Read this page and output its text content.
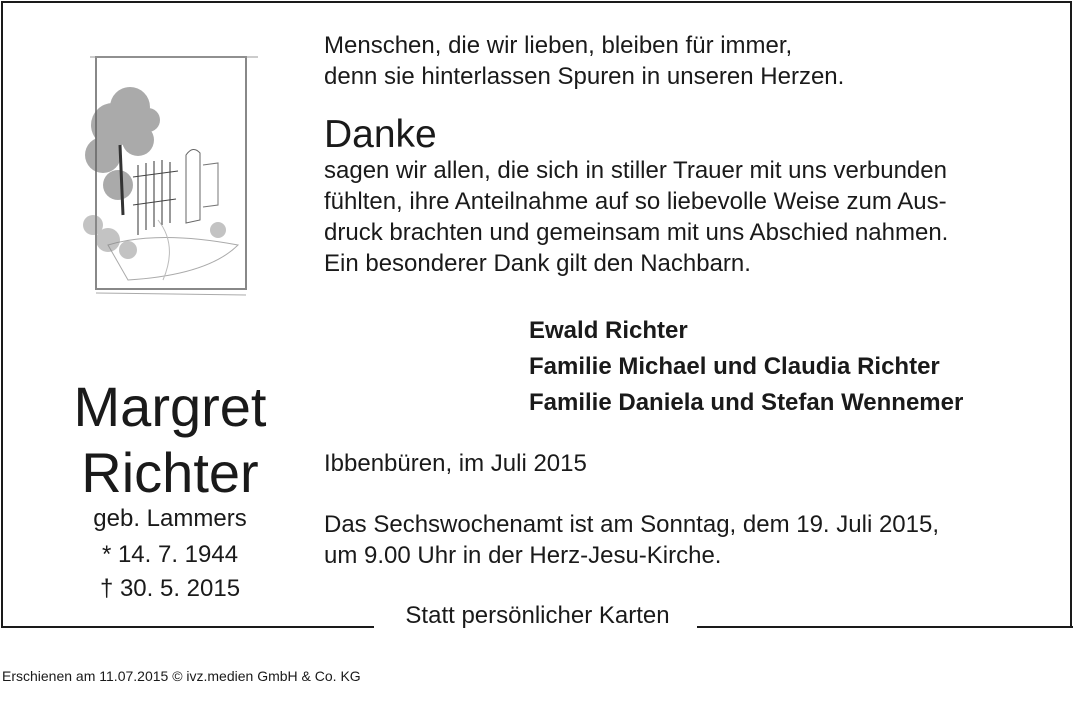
Statt persönlicher Karten
Margret
Richter
geb. Lammers
* 14. 7. 1944
† 30. 5. 2015
Menschen, die wir lieben, bleiben für immer,
denn sie hinterlassen Spuren in unseren Herzen.
Danke
sagen wir allen, die sich in stiller Trauer mit uns verbunden
fühlten, ihre Anteilnahme auf so liebevolle Weise zum Aus-
druck brachten und gemeinsam mit uns Abschied nahmen.
Ein besonderer Dank gilt den Nachbarn.
Ewald Richter
Familie Michael und Claudia Richter
Familie Daniela und Stefan Wennemer
Ibbenbüren, im Juli 2015
Das Sechswochenamt ist am Sonntag, dem 19. Juli 2015,
um 9.00 Uhr in der Herz-Jesu-Kirche.
Erschienen am 11.07.2015 © ivz.medien GmbH & Co. KG
